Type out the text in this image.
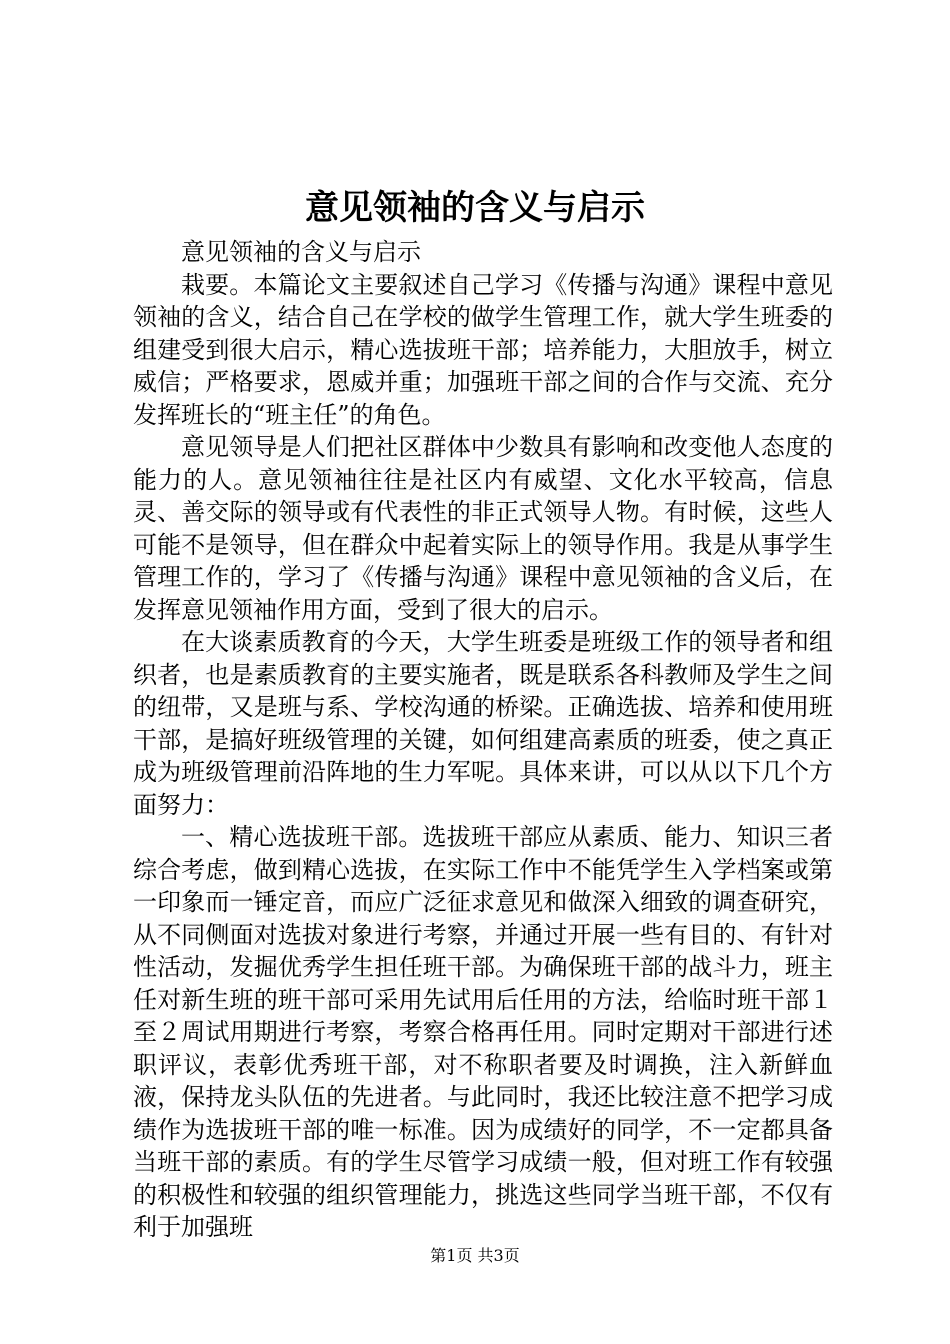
意见领袖的含义与启示

意见领袖的含义与启示

栽要。本篇论文主要叙述自己学习《传播与沟通》课程中意见领袖的含义，结合自己在学校的做学生管理工作，就大学生班委的组建受到很大启示，精心选拔班干部；培养能力，大胆放手，树立威信；严格要求，恩威并重；加强班干部之间的合作与交流、充分发挥班长的“班主任”的角色。

意见领导是人们把社区群体中少数具有影响和改变他人态度的能力的人。意见领袖往往是社区内有威望、文化水平较高，信息灵、善交际的领导或有代表性的非正式领导人物。有时候，这些人可能不是领导，但在群众中起着实际上的领导作用。我是从事学生管理工作的，学习了《传播与沟通》课程中意见领袖的含义后，在发挥意见领袖作用方面，受到了很大的启示。

在大谈素质教育的今天，大学生班委是班级工作的领导者和组织者，也是素质教育的主要实施者，既是联系各科教师及学生之间的纽带，又是班与系、学校沟通的桥梁。正确选拔、培养和使用班干部，是搞好班级管理的关键，如何组建高素质的班委，使之真正成为班级管理前沿阵地的生力军呢。具体来讲，可以从以下几个方面努力：

一、精心选拔班干部。选拔班干部应从素质、能力、知识三者综合考虑，做到精心选拔，在实际工作中不能凭学生入学档案或第一印象而一锤定音，而应广泛征求意见和做深入细致的调查研究，从不同侧面对选拔对象进行考察，并通过开展一些有目的、有针对性活动，发掘优秀学生担任班干部。为确保班干部的战斗力，班主任对新生班的班干部可采用先试用后任用的方法，给临时班干部１至２周试用期进行考察，考察合格再任用。同时定期对干部进行述职评议，表彰优秀班干部，对不称职者要及时调换，注入新鲜血液，保持龙头队伍的先进者。与此同时，我还比较注意不把学习成绩作为选拔班干部的唯一标准。因为成绩好的同学，不一定都具备当班干部的素质。有的学生尽管学习成绩一般，但对班工作有较强的积极性和较强的组织管理能力，挑选这些同学当班干部，不仅有利于加强班

第1页 共3页
